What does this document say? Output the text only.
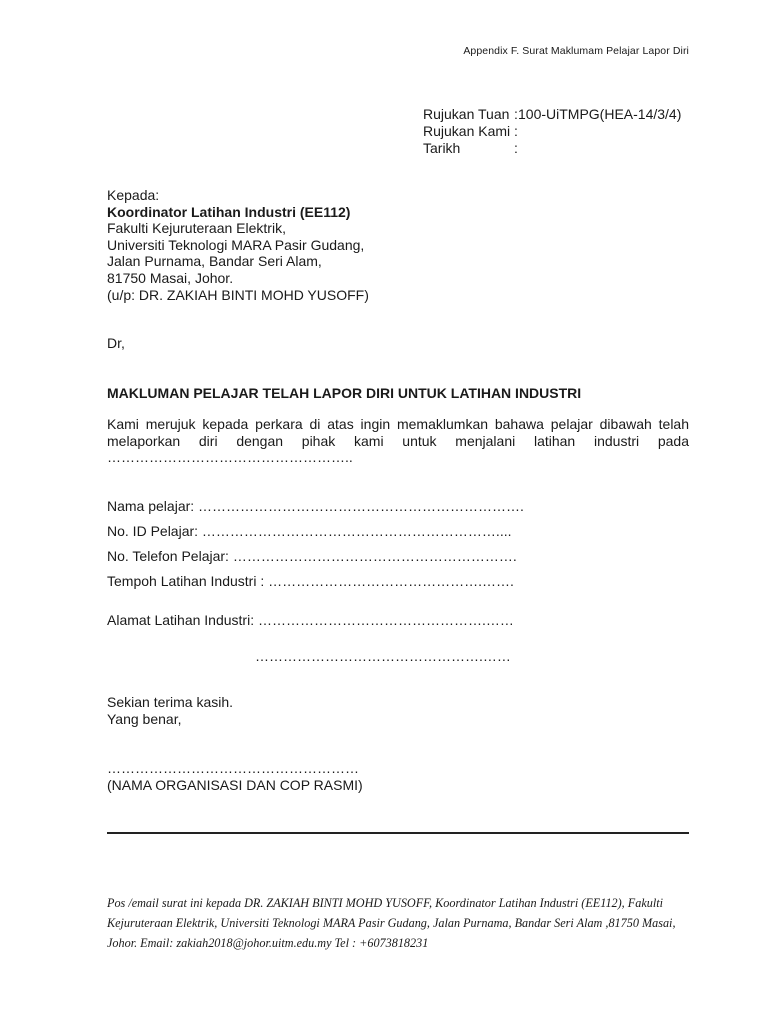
Appendix F. Surat Maklumam Pelajar Lapor Diri
Rujukan Tuan : 100-UiTMPG(HEA-14/3/4)
Rujukan Kami :
Tarikh	:
Kepada:
Koordinator Latihan Industri (EE112)
Fakulti Kejuruteraan Elektrik,
Universiti Teknologi MARA Pasir Gudang,
Jalan Purnama, Bandar Seri Alam,
81750 Masai, Johor.
(u/p: DR. ZAKIAH BINTI MOHD YUSOFF)
Dr,
MAKLUMAN PELAJAR TELAH LAPOR DIRI UNTUK LATIHAN INDUSTRI
Kami merujuk kepada perkara di atas ingin memaklumkan bahawa pelajar dibawah telah melaporkan diri dengan pihak kami untuk menjalani latihan industri pada ……………………………………………..
Nama pelajar: …………………………………………………………….
No. ID Pelajar: ………………………………………………………....
No. Telefon Pelajar: …………………………………………………….
Tempoh Latihan Industri : ……………………………………….…….
Alamat Latihan Industri: ………………………………………….……
………………………………………….……
Sekian terima kasih.
Yang benar,
………………………………………………
(NAMA ORGANISASI DAN COP RASMI)
Pos /email surat ini kepada DR. ZAKIAH BINTI MOHD YUSOFF, Koordinator Latihan Industri (EE112), Fakulti Kejuruteraan Elektrik, Universiti Teknologi MARA Pasir Gudang, Jalan Purnama, Bandar Seri Alam ,81750 Masai, Johor. Email: zakiah2018@johor.uitm.edu.my Tel : +6073818231
